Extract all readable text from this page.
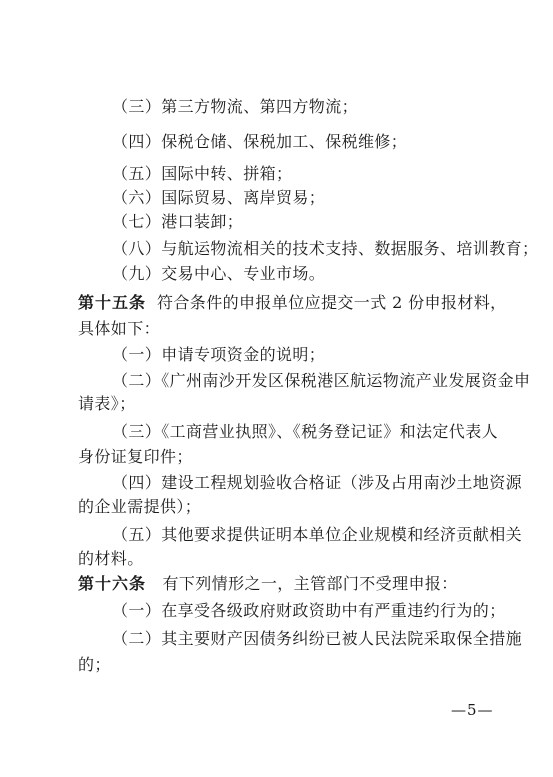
（三）第三方物流、第四方物流；
（四）保税仓储、保税加工、保税维修；
（五）国际中转、拼箱；
（六）国际贸易、离岸贸易；
（七）港口装卸；
（八）与航运物流相关的技术支持、数据服务、培训教育；
（九）交易中心、专业市场。
第十五条 符合条件的申报单位应提交一式 2 份申报材料，
具体如下：
（一）申请专项资金的说明；
（二）《广州南沙开发区保税港区航运物流产业发展资金申
请表》；
（三）《工商营业执照》、《税务登记证》和法定代表人
身份证复印件；
（四）建设工程规划验收合格证（涉及占用南沙土地资源
的企业需提供）；
（五）其他要求提供证明本单位企业规模和经济贡献相关
的材料。
第十六条 有下列情形之一，主管部门不受理申报：
（一）在享受各级政府财政资助中有严重违约行为的；
（二）其主要财产因债务纠纷已被人民法院采取保全措施
的；
—5—
